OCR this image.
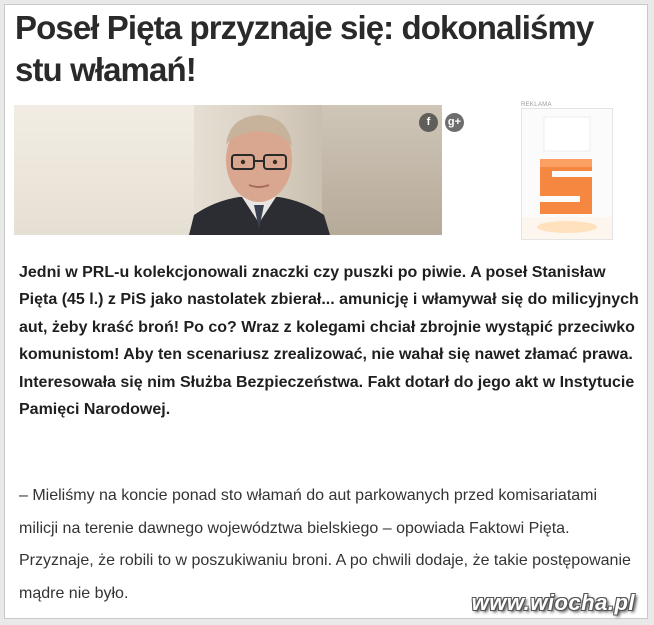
Poseł Pięta przyznaje się: dokonaliśmy stu włamań!
f	g+
REKLAMA

Jedni w PRL-u kolekcjonowali znaczki czy puszki po piwie. A poseł Stanisław Pięta (45 l.) z PiS jako nastolatek zbierał... amunicję i włamywał się do milicyjnych aut, żeby kraść broń! Po co? Wraz z kolegami chciał zbrojnie wystąpić przeciwko komunistom! Aby ten scenariusz zrealizować, nie wahał się nawet złamać prawa. Interesowała się nim Służba Bezpieczeństwa. Fakt dotarł do jego akt w Instytucie Pamięci Narodowej.

– Mieliśmy na koncie ponad sto włamań do aut parkowanych przed komisariatami milicji na terenie dawnego województwa bielskiego – opowiada Faktowi Pięta. Przyznaje, że robili to w poszukiwaniu broni. A po chwili dodaje, że takie postępowanie mądre nie było.	www.wiocha.pl
